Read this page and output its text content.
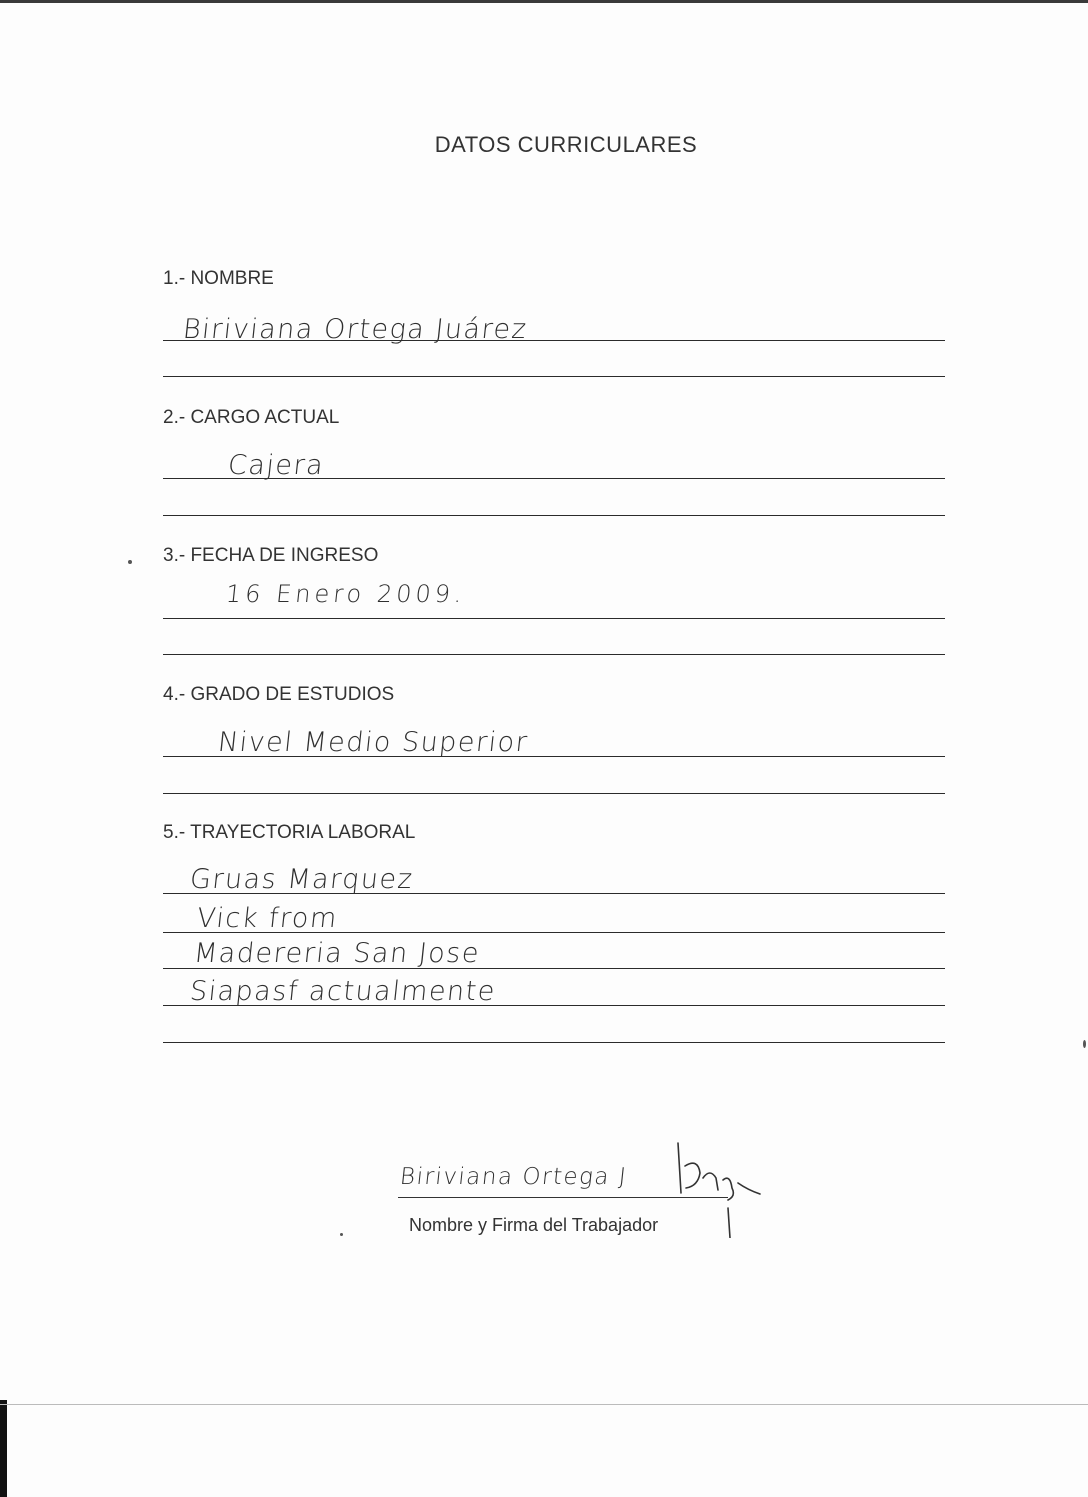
DATOS CURRICULARES
1.- NOMBRE
Biriviana Ortega Juárez
2.- CARGO ACTUAL
Cajera
3.- FECHA DE INGRESO
16 Enero 2009.
4.- GRADO DE ESTUDIOS
Nivel Medio Superior
5.- TRAYECTORIA LABORAL
Gruas Marquez
Vick from
Madereria San Jose
Siapasf actualmente
Biriviana Ortega J
Nombre y Firma del Trabajador
